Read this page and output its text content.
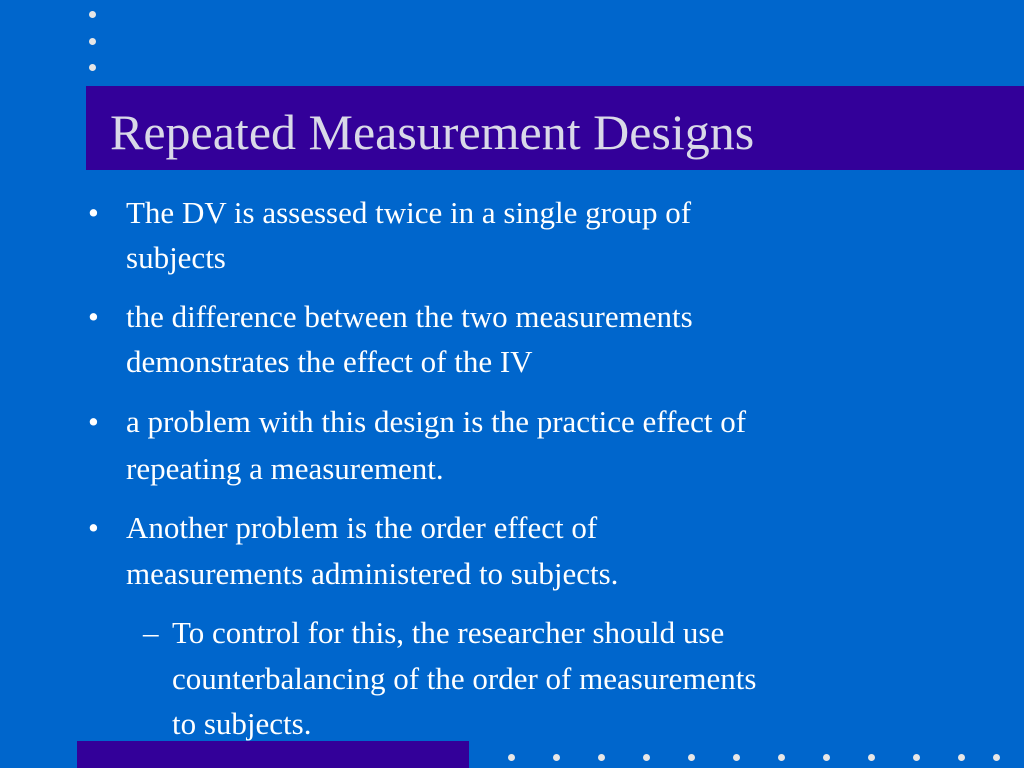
Repeated Measurement Designs
• The DV is assessed twice in a single group of
subjects
• the difference between the two measurements
demonstrates the effect of the IV
• a problem with this design is the practice effect of
repeating a measurement.
• Another problem is the order effect of
measurements administered to subjects.
– To control for this, the researcher should use
counterbalancing of the order of measurements
to subjects.
